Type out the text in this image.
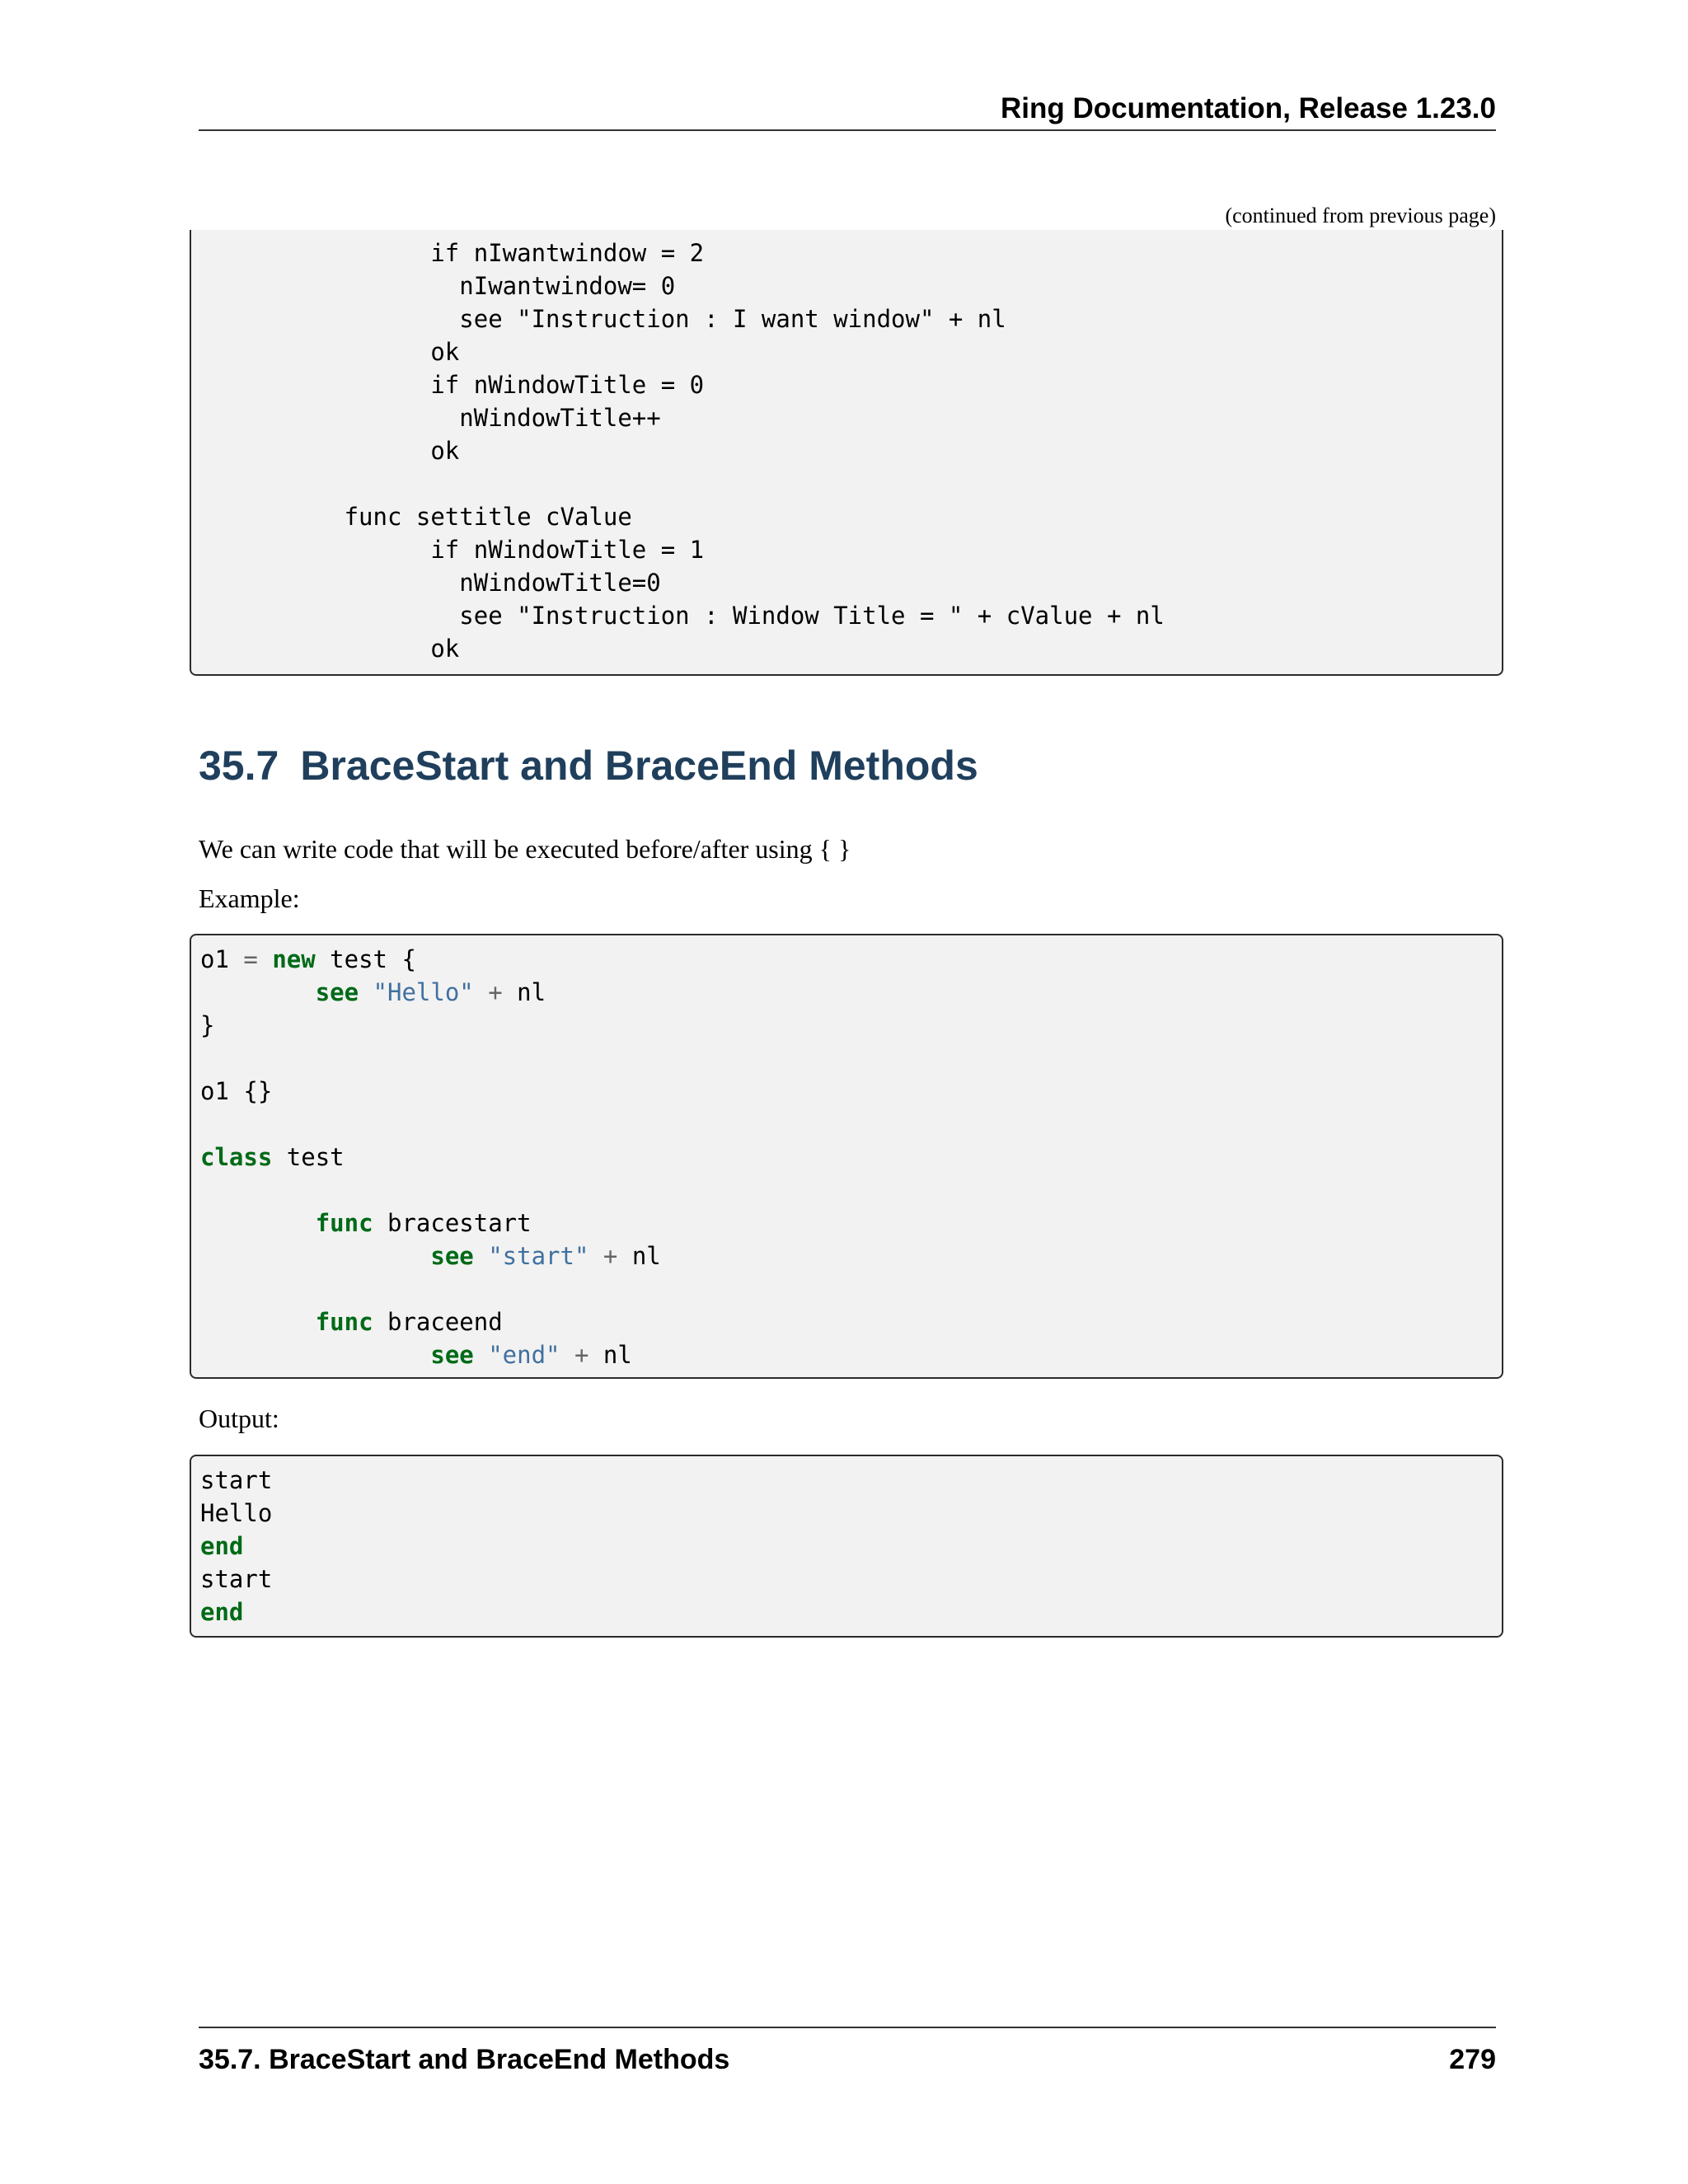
Ring Documentation, Release 1.23.0
(continued from previous page)
if nIwantwindow = 2
nIwantwindow= 0
see "Instruction : I want window" + nl
ok
if nWindowTitle = 0
nWindowTitle++
ok
func settitle cValue
if nWindowTitle = 1
nWindowTitle=0
see "Instruction : Window Title = " + cValue + nl
ok
35.7 BraceStart and BraceEnd Methods

We can write code that will be executed before/after using { }

Example:

o1 = new test {
see "Hello" + nl
}
o1 {}
class test
func bracestart
see "start" + nl
func braceend
see "end" + nl

Output:

start
Hello
end
start
end
35.7. BraceStart and BraceEnd Methods	279
